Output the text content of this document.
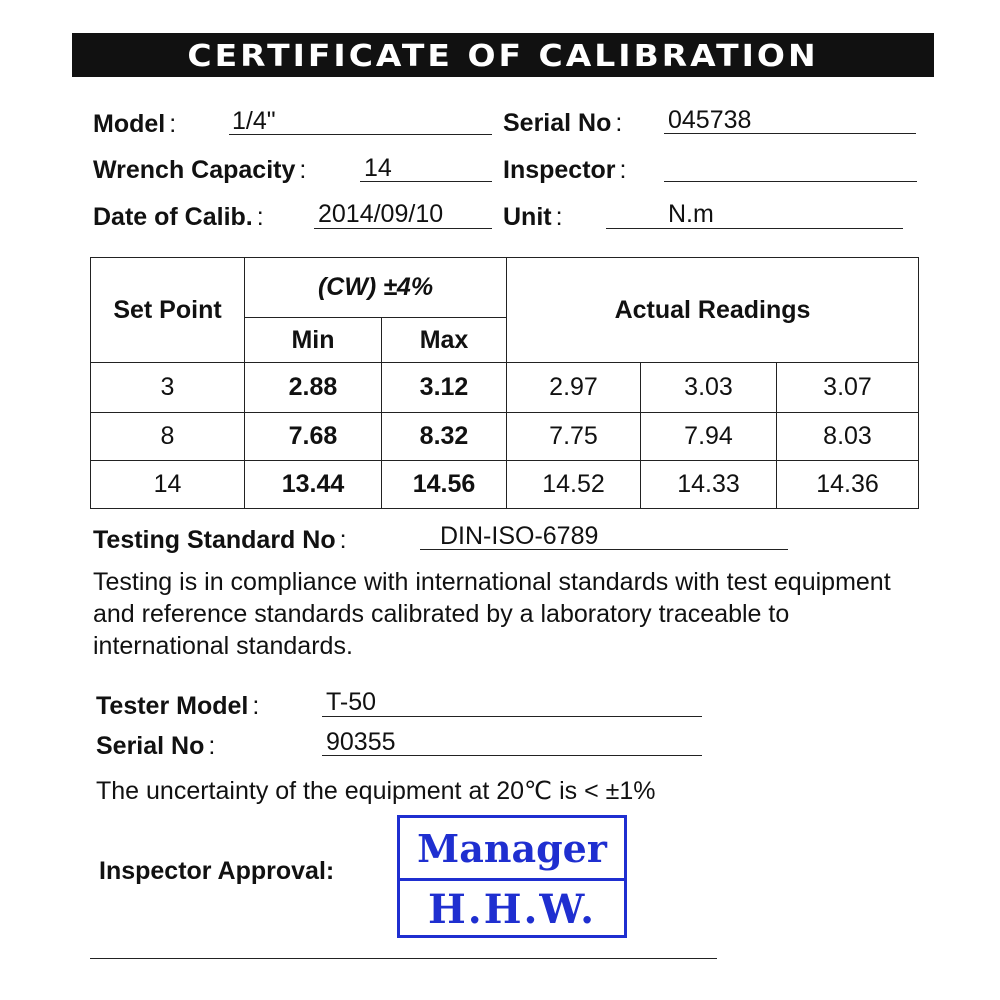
CERTIFICATE OF CALIBRATION
Model : 1/4"	Serial No : 045738
Wrench Capacity : 14	Inspector :
Date of Calib. : 2014/09/10 Unit :	N.m
Set Point	(CW) ±4%		Actual Readings		
	Min	Max			
3	2.88	3.12	2.97	3.03	3.07
8	7.68	8.32	7.75	7.94	8.03
14	13.44	14.56	14.52	14.33	14.36
Testing Standard No :	DIN-ISO-6789
Testing is in compliance with international standards with test equipment and reference standards calibrated by a laboratory traceable to international standards.
Tester Model :	T-50
Serial No :	90355
The uncertainty of the equipment at 20℃ is < ±1%
Inspector Approval:
Manager
H.H.W.
